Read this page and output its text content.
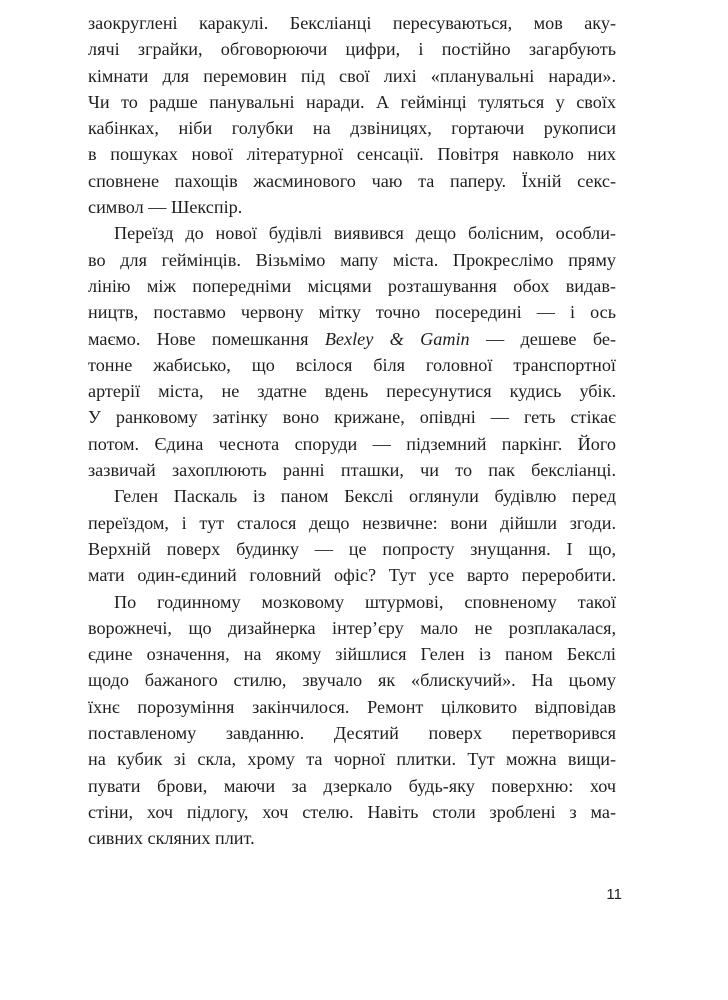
заокруглені каракулі. Бексліанці пересуваються, мов аку-
лячі зграйки, обговорюючи цифри, і постійно загарбують
кімнати для перемовин під свої лихі «планувальні наради».
Чи то радше панувальні наради. А геймінці туляться у своїх
кабінках, ніби голубки на дзвіницях, гортаючи рукописи
в пошуках нової літературної сенсації. Повітря навколо них
сповнене пахощів жасминового чаю та паперу. Їхній секс-
символ — Шекспір.
Переїзд до нової будівлі виявився дещо болісним, особли-
во для геймінців. Візьмімо мапу міста. Прокреслімо пряму
лінію між попередніми місцями розташування обох видав-
ництв, поставмо червону мітку точно посередині — і ось
маємо. Нове помешкання Bexley & Gamin — дешеве бе-
тонне жабисько, що всілося біля головної транспортної
артерії міста, не здатне вдень пересунутися кудись убік.
У ранковому затінку воно крижане, опівдні — геть стікає
потом. Єдина чеснота споруди — підземний паркінг. Його
зазвичай захоплюють ранні пташки, чи то пак бексліанці.
Гелен Паскаль із паном Бекслі оглянули будівлю перед
переїздом, і тут сталося дещо незвичне: вони дійшли згоди.
Верхній поверх будинку — це попросту знущання. І що,
мати один-єдиний головний офіс? Тут усе варто переробити.
По годинному мозковому штурмові, сповненому такої
ворожнечі, що дизайнерка інтер’єру мало не розплакалася,
єдине означення, на якому зійшлися Гелен із паном Бекслі
щодо бажаного стилю, звучало як «блискучий». На цьому
їхнє порозуміння закінчилося. Ремонт цілковито відповідав
поставленому завданню. Десятий поверх перетворився
на кубик зі скла, хрому та чорної плитки. Тут можна вищи-
пувати брови, маючи за дзеркало будь-яку поверхню: хоч
стіни, хоч підлогу, хоч стелю. Навіть столи зроблені з ма-
сивних скляних плит.
11
